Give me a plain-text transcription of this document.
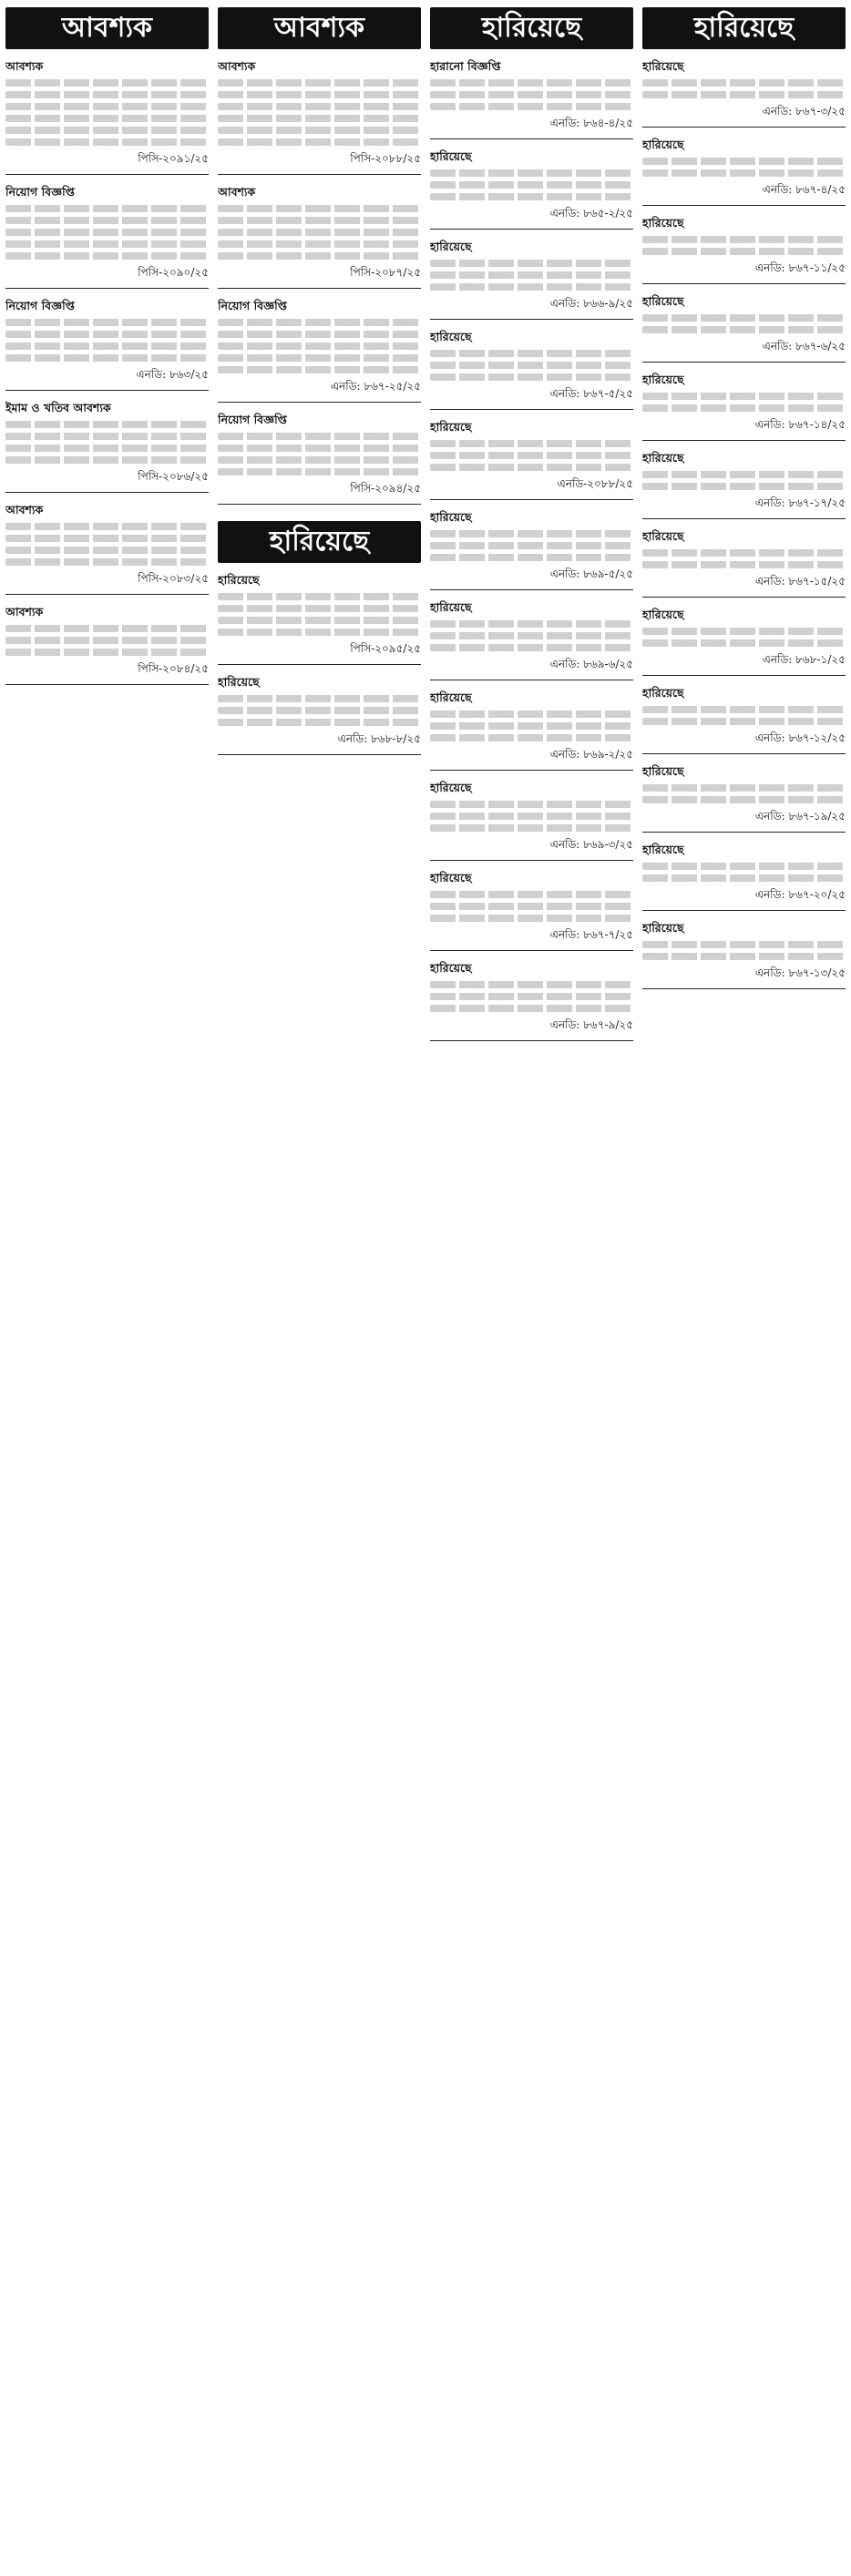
আবশ্যক
আবশ্যক
পিসি-২০৯১/২৫
নিয়োগ বিজ্ঞপ্তি
পিসি-২০৯০/২৫
নিয়োগ বিজ্ঞপ্তি
এনডি: ৮৬৩/২৫
ইমাম ও খতিব আবশ্যক
পিসি-২০৮৬/২৫
আবশ্যক
পিসি-২০৮৩/২৫
আবশ্যক
পিসি-২০৮৪/২৫
আবশ্যক
আবশ্যক
পিসি-২০৮৮/২৫
আবশ্যক
পিসি-২০৮৭/২৫
নিয়োগ বিজ্ঞপ্তি
এনডি: ৮৬৭-২৫/২৫
নিয়োগ বিজ্ঞপ্তি
পিসি-২০৯৪/২৫
হারিয়েছে
হারিয়েছে
পিসি-২০৯৫/২৫
হারিয়েছে
এনডি: ৮৬৮-৮/২৫
হারিয়েছে
হারানো বিজ্ঞপ্তি
এনডি: ৮৬৪-৪/২৫
হারিয়েছে
এনডি: ৮৬৫-২/২৫
হারিয়েছে
এনডি: ৮৬৬-৯/২৫
হারিয়েছে
এনডি: ৮৬৭-৫/২৫
হারিয়েছে
এনডি-২০৮৮/২৫
হারিয়েছে
এনডি: ৮৬৯-৫/২৫
হারিয়েছে
এনডি: ৮৬৯-৬/২৫
হারিয়েছে
এনডি: ৮৬৯-২/২৫
হারিয়েছে
এনডি: ৮৬৯-৩/২৫
হারিয়েছে
এনডি: ৮৬৭-৭/২৫
হারিয়েছে
এনডি: ৮৬৭-৯/২৫
হারিয়েছে
হারিয়েছে
এনডি: ৮৬৭-৩/২৫
হারিয়েছে
এনডি: ৮৬৭-৪/২৫
হারিয়েছে
এনডি: ৮৬৭-১১/২৫
হারিয়েছে
এনডি: ৮৬৭-৬/২৫
হারিয়েছে
এনডি: ৮৬৭-১৪/২৫
হারিয়েছে
এনডি: ৮৬৭-১৭/২৫
হারিয়েছে
এনডি: ৮৬৭-১৫/২৫
হারিয়েছে
এনডি: ৮৬৮-১/২৫
হারিয়েছে
এনডি: ৮৬৭-১২/২৫
হারিয়েছে
এনডি: ৮৬৭-১৯/২৫
হারিয়েছে
এনডি: ৮৬৭-২০/২৫
হারিয়েছে
এনডি: ৮৬৭-১৩/২৫
